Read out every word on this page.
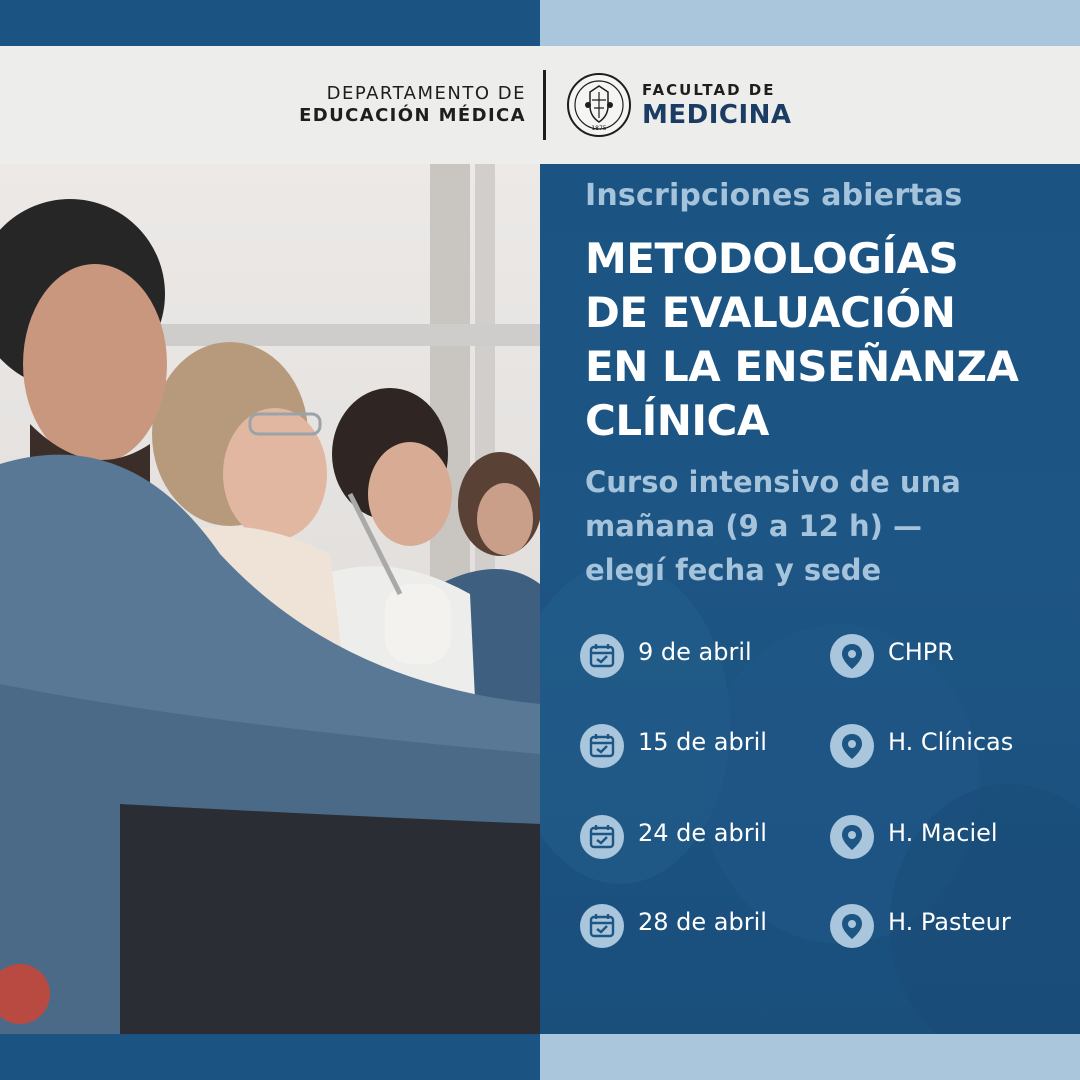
DEPARTAMENTO DE
EDUCACIÓN MÉDICA
1875
FACULTAD DE
MEDICINA
Inscripciones abiertas
METODOLOGÍAS
DE EVALUACIÓN
EN LA ENSEÑANZA
CLÍNICA
Curso intensivo de una
mañana (9 a 12 h) —
elegí fecha y sede
9 de abril	CHPR
15 de abril	H. Clínicas
24 de abril	H. Maciel
28 de abril	H. Pasteur
